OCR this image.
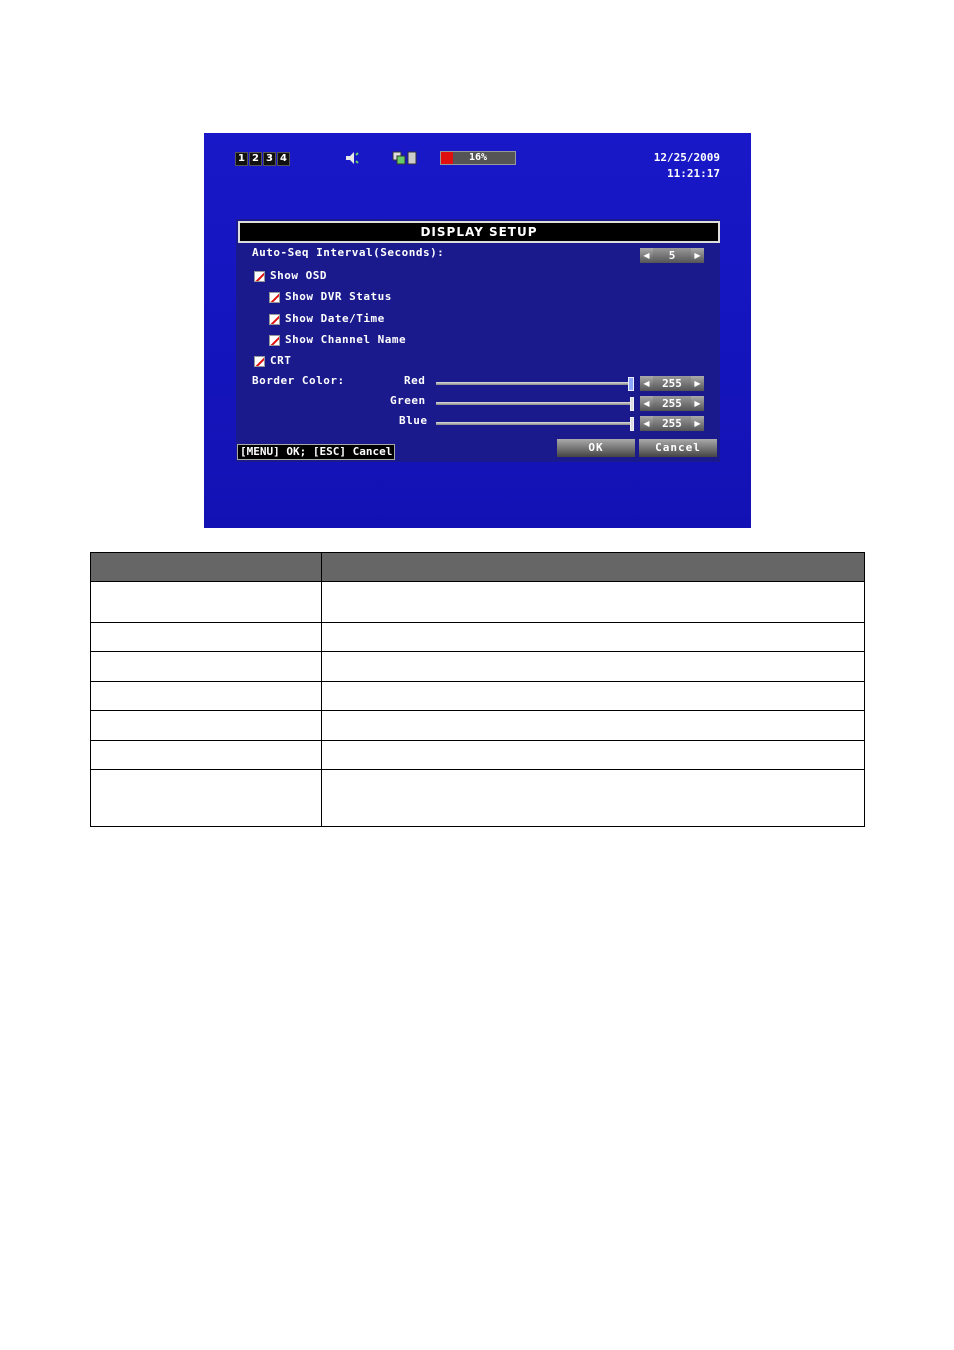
1 2 3 4	16%	12/25/2009
11:21:17
DISPLAY SETUP
Auto-Seq Interval(Seconds):	◀	5	▶
Show OSD
Show DVR Status
Show Date/Time
Show Channel Name
CRT
Border Color:	Red	◀	255	▶
Green	◀	255	▶
Blue	◀	255	▶
[MENU] OK; [ESC] Cancel	OK	Cancel
